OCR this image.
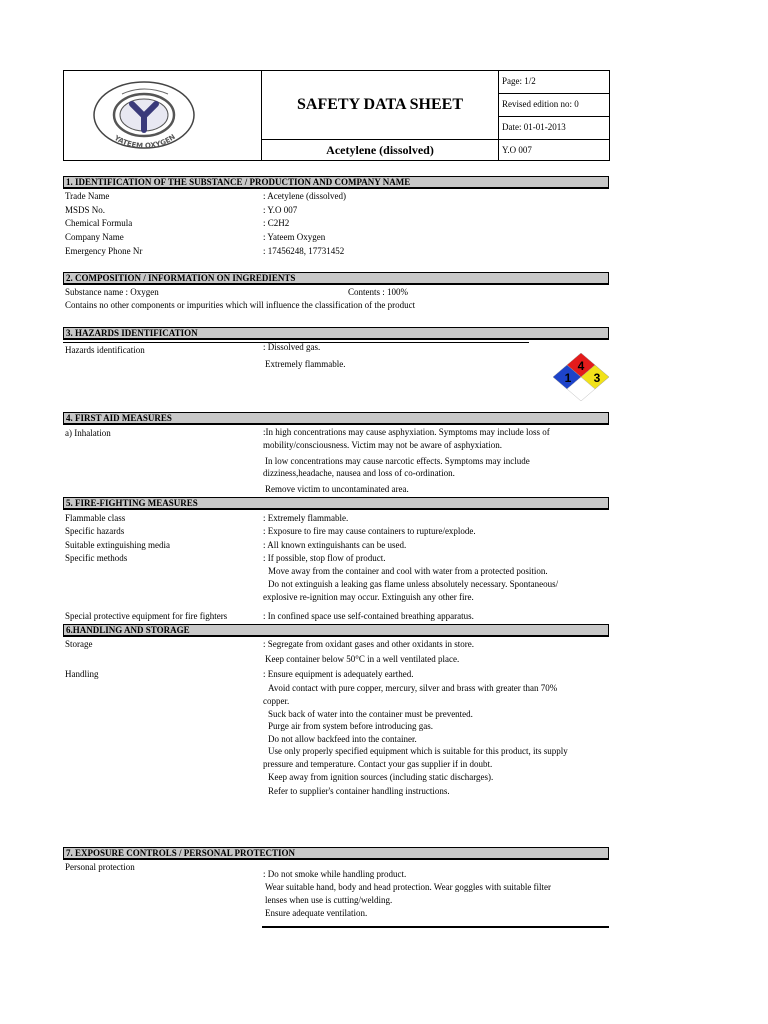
YATEEM OXYGEN
SAFETY DATA SHEET
Acetylene (dissolved)
Page: 1/2
Revised edition no: 0
Date: 01-01-2013
Y.O 007
1. IDENTIFICATION OF THE SUBSTANCE / PRODUCTION AND COMPANY NAME
Trade Name	: Acetylene (dissolved)
MSDS No.	: Y.O 007
Chemical Formula	: C2H2
Company Name	: Yateem Oxygen
Emergency Phone Nr	: 17456248, 17731452
2. COMPOSITION / INFORMATION ON INGREDIENTS
Substance name : Oxygen	Contents : 100%
Contains no other components or impurities which will influence the classification of the product
3. HAZARDS IDENTIFICATION
Hazards identification	: Dissolved gas.
Extremely flammable.	4
1 3
4. FIRST AID MEASURES
a) Inhalation	:In high concentrations may cause asphyxiation. Symptoms may include loss of
mobility/consciousness. Victim may not be aware of asphyxiation.
In low concentrations may cause narcotic effects. Symptoms may include
dizziness,headache, nausea and loss of co-ordination.
Remove victim to uncontaminated area.
5. FIRE-FIGHTING MEASURES
Flammable class	: Extremely flammable.
Specific hazards	: Exposure to fire may cause containers to rupture/explode.
Suitable extinguishing media	: All known extinguishants can be used.
Specific methods	: If possible, stop flow of product.
Move away from the container and cool with water from a protected position.
Do not extinguish a leaking gas flame unless absolutely necessary. Spontaneous/
explosive re-ignition may occur. Extinguish any other fire.
Special protective equipment for fire fighters	: In confined space use self-contained breathing apparatus.
6.HANDLING AND STORAGE
Storage	: Segregate from oxidant gases and other oxidants in store.
Keep container below 50°C in a well ventilated place.
Handling	: Ensure equipment is adequately earthed.
Avoid contact with pure copper, mercury, silver and brass with greater than 70%
copper.
Suck back of water into the container must be prevented.
Purge air from system before introducing gas.
Do not allow backfeed into the container.
Use only properly specified equipment which is suitable for this product, its supply
pressure and temperature. Contact your gas supplier if in doubt.
Keep away from ignition sources (including static discharges).
Refer to supplier's container handling instructions.
7. EXPOSURE CONTROLS / PERSONAL PROTECTION
Personal protection
: Do not smoke while handling product.
Wear suitable hand, body and head protection. Wear goggles with suitable filter
lenses when use is cutting/welding.
Ensure adequate ventilation.
